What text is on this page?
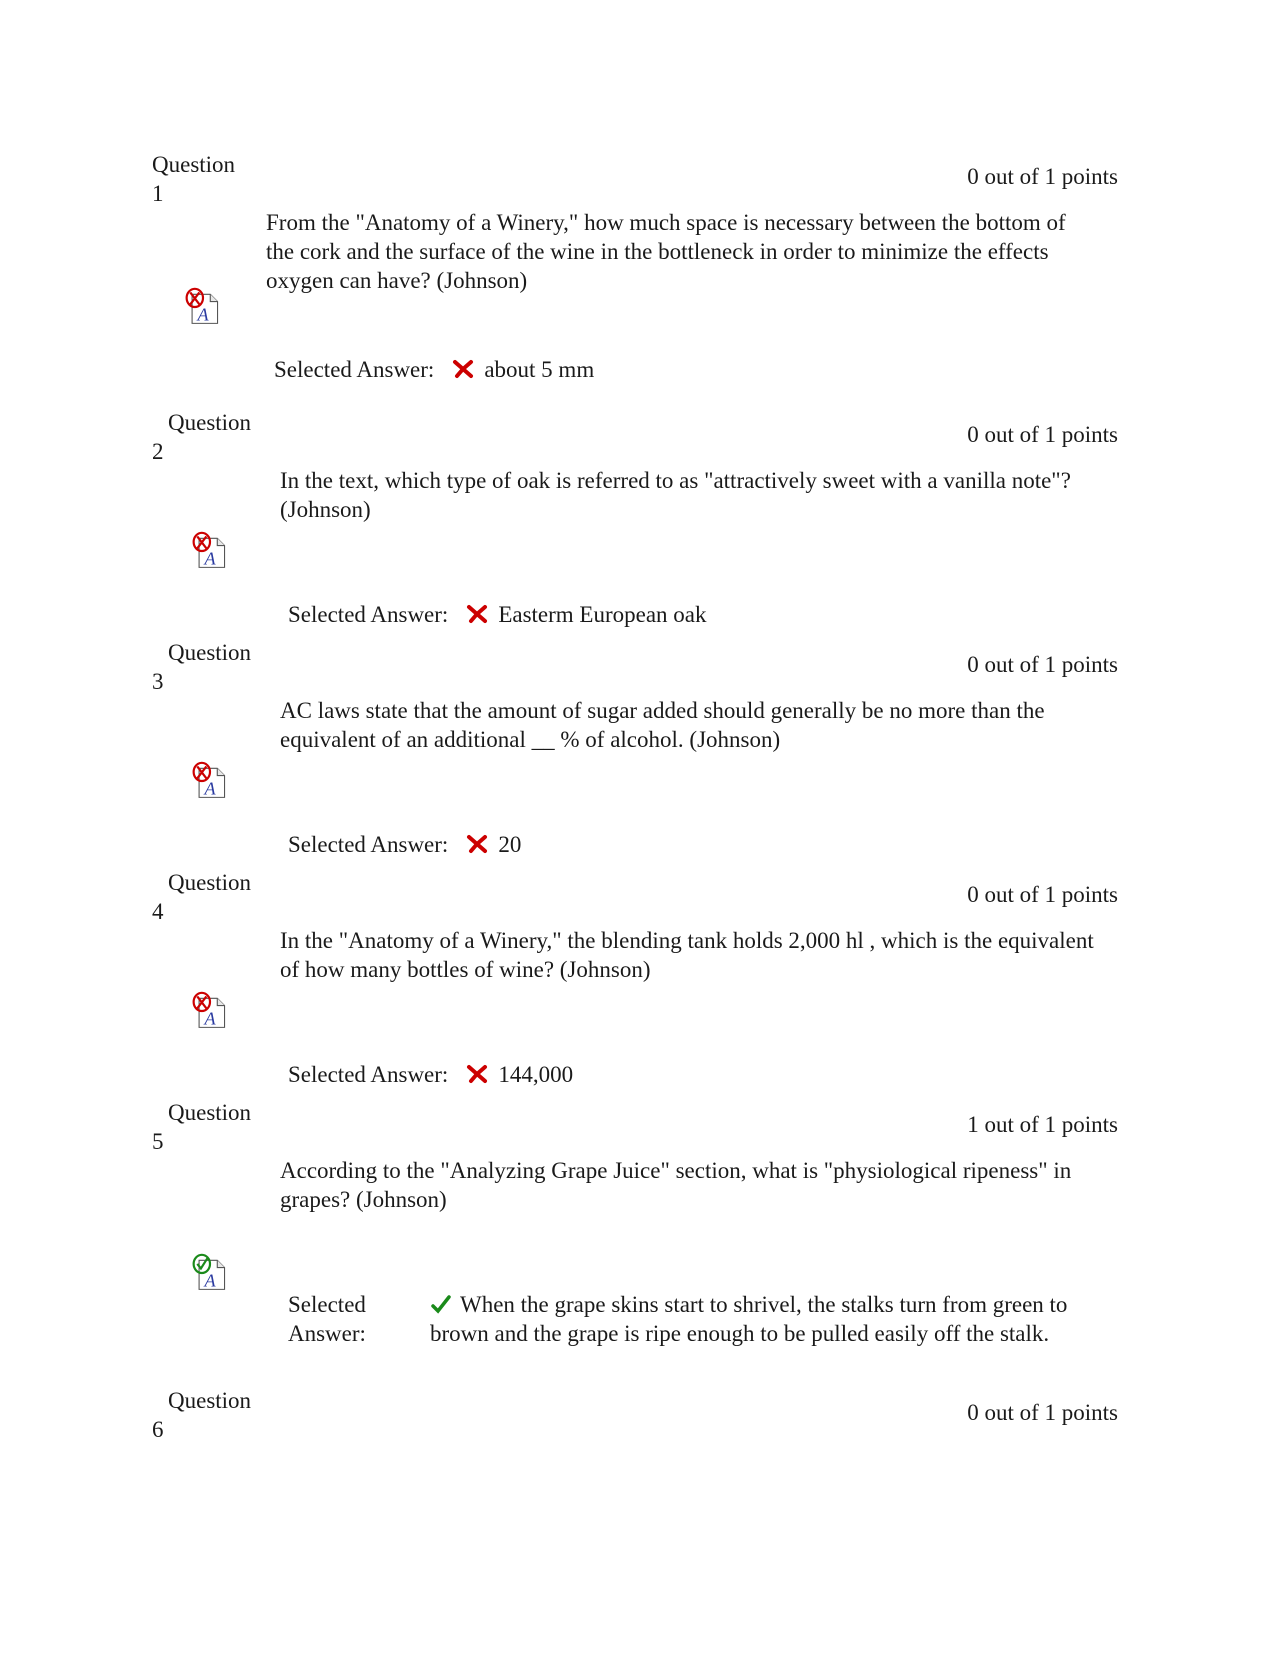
Question
1
0 out of 1 points
From the "Anatomy of a Winery," how much space is necessary between the bottom of the cork and the surface of the wine in the bottleneck in order to minimize the effects oxygen can have? (Johnson)
Selected Answer: about 5 mm
Question
2
0 out of 1 points
In the text, which type of oak is referred to as "attractively sweet with a vanilla note"? (Johnson)
Selected Answer: Easterm European oak
Question
3
0 out of 1 points
AC laws state that the amount of sugar added should generally be no more than the equivalent of an additional __ % of alcohol. (Johnson)
Selected Answer: 20
Question
4
0 out of 1 points
In the "Anatomy of a Winery," the blending tank holds 2,000 hl , which is the equivalent of how many bottles of wine? (Johnson)
Selected Answer: 144,000
Question
5
1 out of 1 points
According to the "Analyzing Grape Juice" section, what is "physiological ripeness" in grapes? (Johnson)
Selected Answer:
When the grape skins start to shrivel, the stalks turn from green to brown and the grape is ripe enough to be pulled easily off the stalk.
Question
6
0 out of 1 points
